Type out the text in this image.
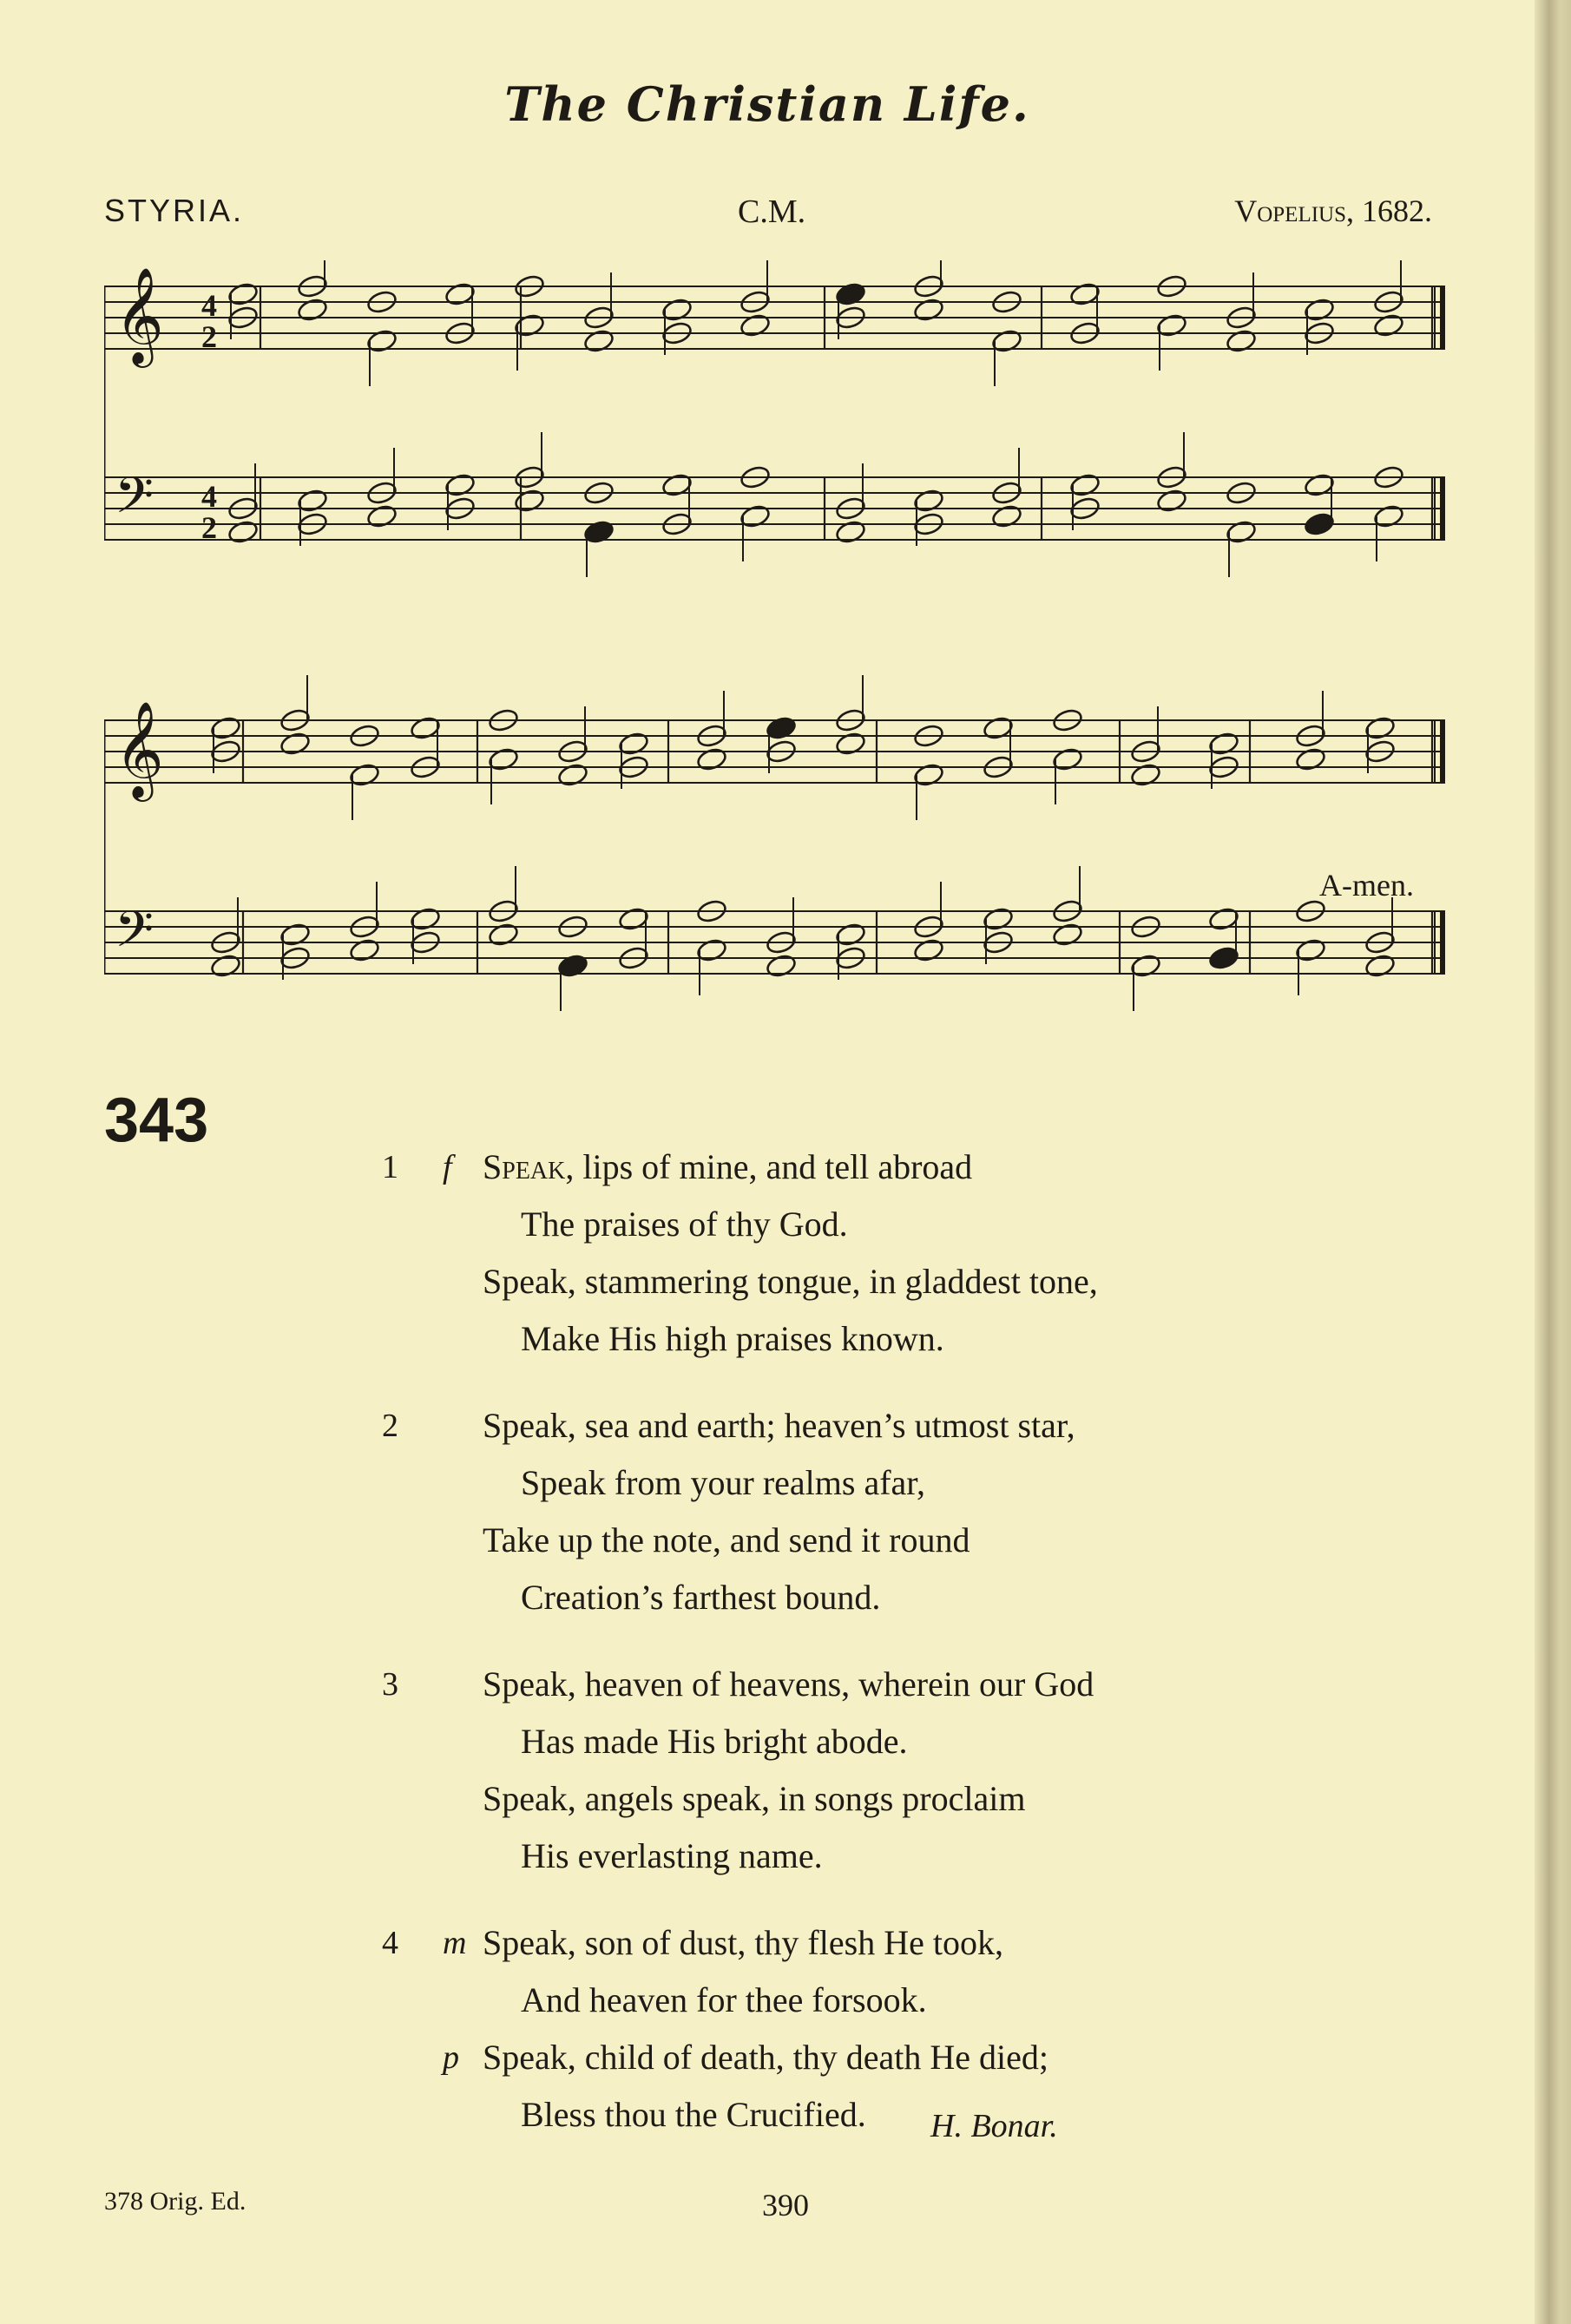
The Christian Life.
STYRIA.	C.M.	Vopelius, 1682.
𝄞
𝄢
4
2
4
2
𝄞
𝄢
A-men.
343
1 f Speak, lips of mine, and tell abroad
The praises of thy God.
Speak, stammering tongue, in gladdest tone,
Make His high praises known.
2 Speak, sea and earth; heaven’s utmost star,
Speak from your realms afar,
Take up the note, and send it round
Creation’s farthest bound.
3 Speak, heaven of heavens, wherein our God
Has made His bright abode.
Speak, angels speak, in songs proclaim
His everlasting name.
4 m Speak, son of dust, thy flesh He took,
And heaven for thee forsook.
p Speak, child of death, thy death He died;
Bless thou the Crucified. H. Bonar.
378 Orig. Ed.	390
